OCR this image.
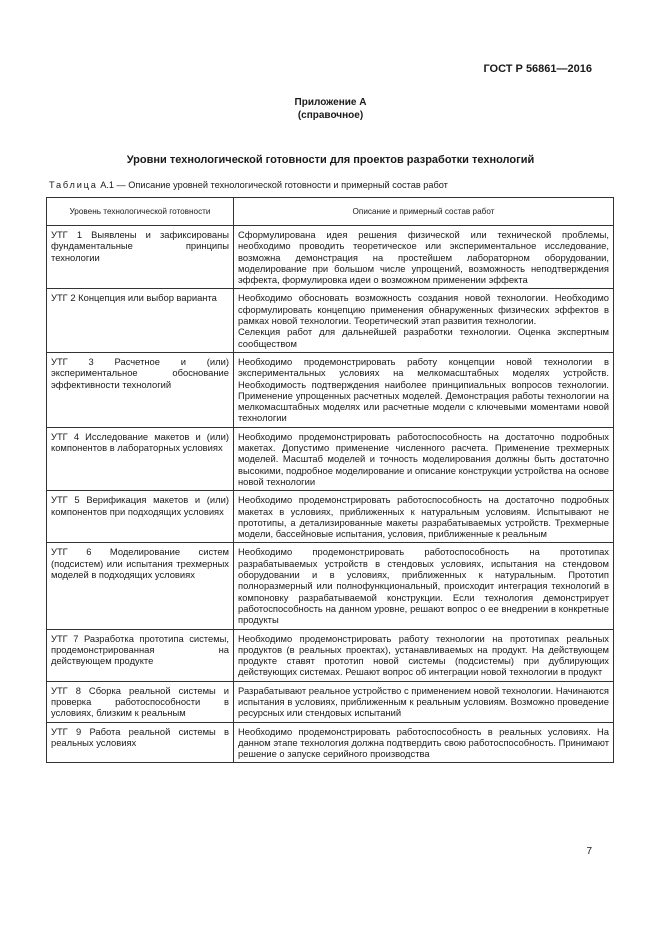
ГОСТ Р 56861—2016
Приложение А
(справочное)
Уровни технологической готовности для проектов разработки технологий
Таблица А.1 — Описание уровней технологической готовности и примерный состав работ
Уровень технологической готовности	Описание и примерный состав работ
УТГ 1 Выявлены и зафиксированы фундаментальные принципы технологии	Сформулирована идея решения физической или технической проблемы, необходимо проводить теоретическое или экспериментальное исследование, возможна демонстрация на простейшем лабораторном оборудовании, моделирование при большом числе упрощений, возможность неподтверждения эффекта, формулировка идеи о возможном применении эффекта
УТГ 2 Концепция или выбор варианта	Необходимо обосновать возможность создания новой технологии. Необходимо сформулировать концепцию применения обнаруженных физических эффектов в рамках новой технологии. Теоретический этап развития технологии.
Селекция работ для дальнейшей разработки технологии. Оценка экспертным сообществом
УТГ 3 Расчетное и (или) экспериментальное обоснование эффективности технологий	Необходимо продемонстрировать работу концепции новой технологии в экспериментальных условиях на мелкомасштабных моделях устройств. Необходимость подтверждения наиболее принципиальных вопросов технологии. Применение упрощенных расчетных моделей. Демонстрация работы технологии на мелкомасштабных моделях или расчетные модели с ключевыми моментами новой технологии
УТГ 4 Исследование макетов и (или) компонентов в лабораторных условиях	Необходимо продемонстрировать работоспособность на достаточно подробных макетах. Допустимо применение численного расчета. Применение трехмерных моделей. Масштаб моделей и точность моделирования должны быть достаточно высокими, подробное моделирование и описание конструкции устройства на основе новой технологии
УТГ 5 Верификация макетов и (или) компонентов при подходящих условиях	Необходимо продемонстрировать работоспособность на достаточно подробных макетах в условиях, приближенных к натуральным условиям. Испытывают не прототипы, а детализированные макеты разрабатываемых устройств. Трехмерные модели, бассейновые испытания, условия, приближенные к реальным
УТГ 6 Моделирование систем (подсистем) или испытания трехмерных моделей в подходящих условиях	Необходимо продемонстрировать работоспособность на прототипах разрабатываемых устройств в стендовых условиях, испытания на стендовом оборудовании и в условиях, приближенных к натуральным. Прототип полноразмерный или полнофункциональный, происходит интеграция технологий в компоновку разрабатываемой конструкции. Если технология демонстрирует работоспособность на данном уровне, решают вопрос о ее внедрении в конкретные продукты
УТГ 7 Разработка прототипа системы, продемонстрированная на действующем продукте	Необходимо продемонстрировать работу технологии на прототипах реальных продуктов (в реальных проектах), устанавливаемых на продукт. На действующем продукте ставят прототип новой системы (подсистемы) при дублирующих действующих системах. Решают вопрос об интеграции новой технологии в продукт
УТГ 8 Сборка реальной системы и проверка работоспособности в условиях, близким к реальным	Разрабатывают реальное устройство с применением новой технологии. Начинаются испытания в условиях, приближенным к реальным условиям. Возможно проведение ресурсных или стендовых испытаний
УТГ 9 Работа реальной системы в реальных условиях	Необходимо продемонстрировать работоспособность в реальных условиях. На данном этапе технология должна подтвердить свою работоспособность. Принимают решение о запуске серийного производства
7
